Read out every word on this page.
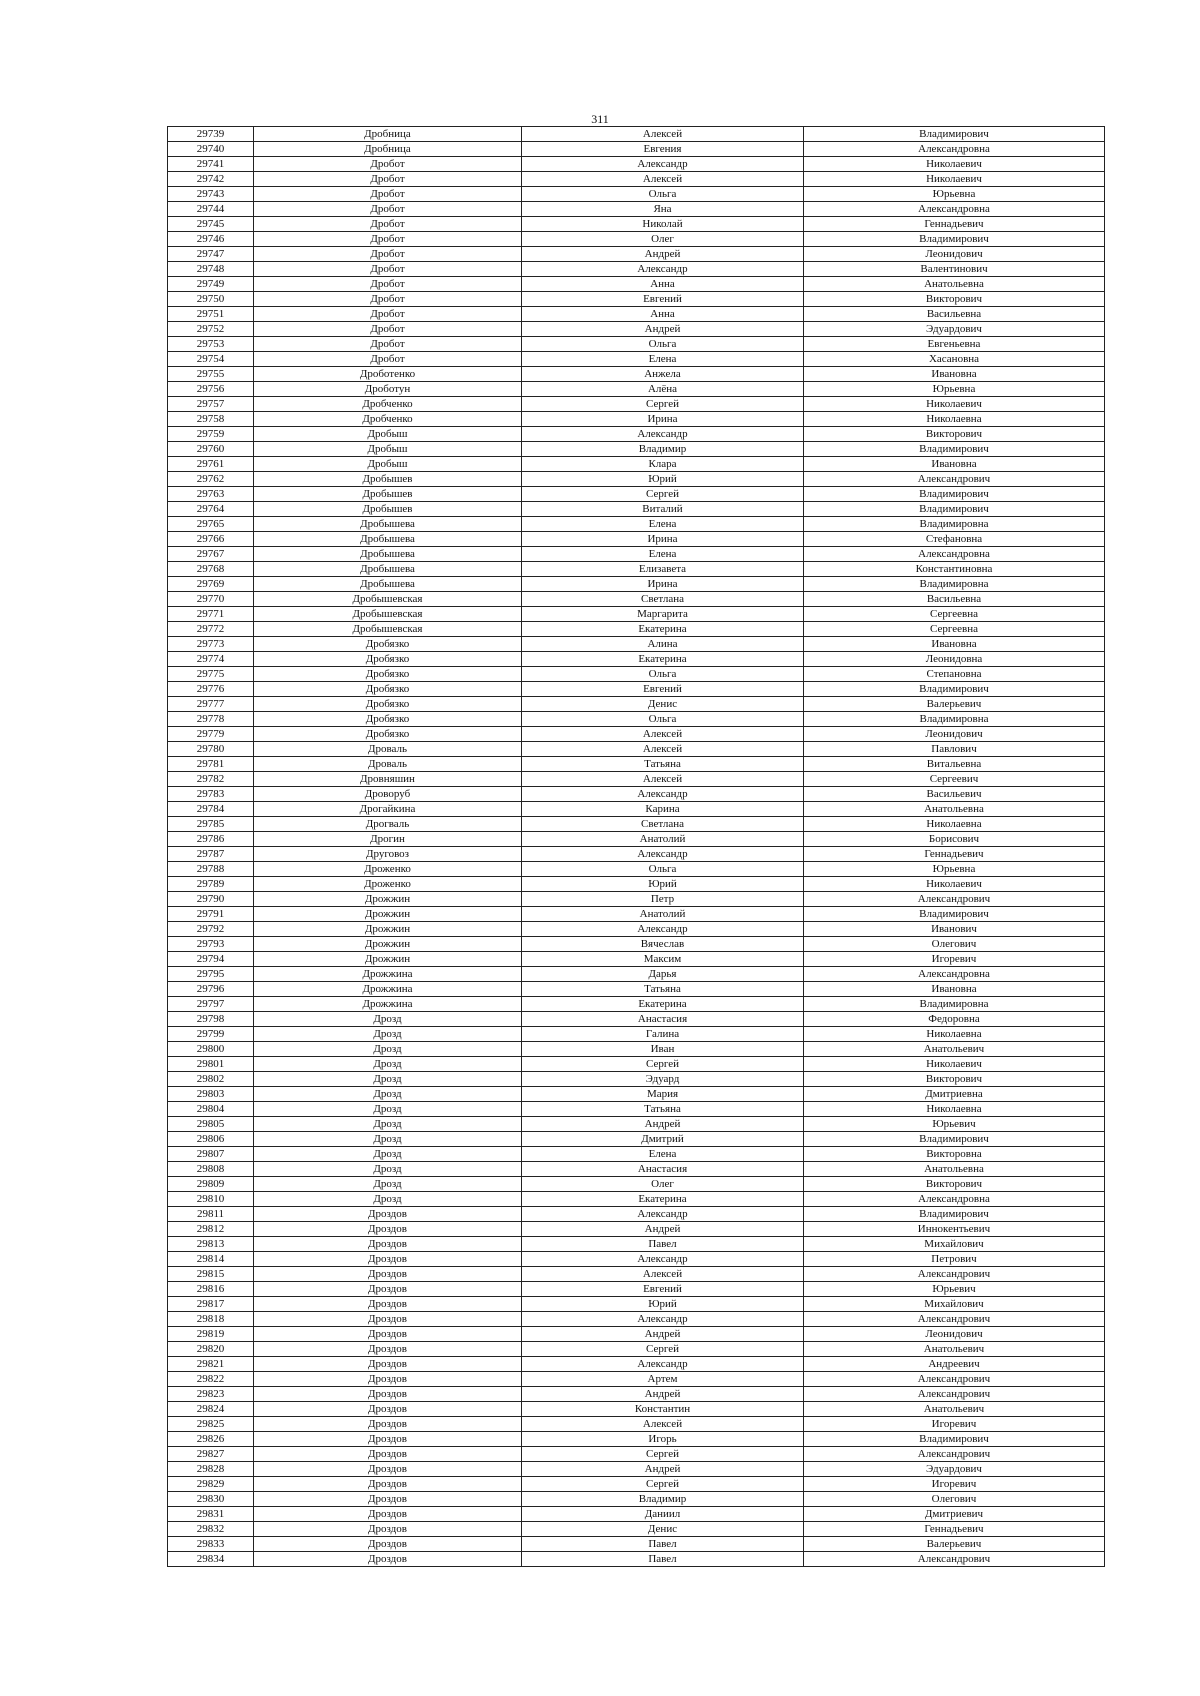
311
29739	Дробница	Алексей	Владимирович
29740	Дробница	Евгения	Александровна
29741	Дробот	Александр	Николаевич
29742	Дробот	Алексей	Николаевич
29743	Дробот	Ольга	Юрьевна
29744	Дробот	Яна	Александровна
29745	Дробот	Николай	Геннадьевич
29746	Дробот	Олег	Владимирович
29747	Дробот	Андрей	Леонидович
29748	Дробот	Александр	Валентинович
29749	Дробот	Анна	Анатольевна
29750	Дробот	Евгений	Викторович
29751	Дробот	Анна	Васильевна
29752	Дробот	Андрей	Эдуардович
29753	Дробот	Ольга	Евгеньевна
29754	Дробот	Елена	Хасановна
29755	Дроботенко	Анжела	Ивановна
29756	Дроботун	Алёна	Юрьевна
29757	Дробченко	Сергей	Николаевич
29758	Дробченко	Ирина	Николаевна
29759	Дробыш	Александр	Викторович
29760	Дробыш	Владимир	Владимирович
29761	Дробыш	Клара	Ивановна
29762	Дробышев	Юрий	Александрович
29763	Дробышев	Сергей	Владимирович
29764	Дробышев	Виталий	Владимирович
29765	Дробышева	Елена	Владимировна
29766	Дробышева	Ирина	Стефановна
29767	Дробышева	Елена	Александровна
29768	Дробышева	Елизавета	Константиновна
29769	Дробышева	Ирина	Владимировна
29770	Дробышевская	Светлана	Васильевна
29771	Дробышевская	Маргарита	Сергеевна
29772	Дробышевская	Екатерина	Сергеевна
29773	Дробязко	Алина	Ивановна
29774	Дробязко	Екатерина	Леонидовна
29775	Дробязко	Ольга	Степановна
29776	Дробязко	Евгений	Владимирович
29777	Дробязко	Денис	Валерьевич
29778	Дробязко	Ольга	Владимировна
29779	Дробязко	Алексей	Леонидович
29780	Дроваль	Алексей	Павлович
29781	Дроваль	Татьяна	Витальевна
29782	Дровняшин	Алексей	Сергеевич
29783	Дроворуб	Александр	Васильевич
29784	Дрогайкина	Карина	Анатольевна
29785	Дрогваль	Светлана	Николаевна
29786	Дрогин	Анатолий	Борисович
29787	Друговоз	Александр	Геннадьевич
29788	Дроженко	Ольга	Юрьевна
29789	Дроженко	Юрий	Николаевич
29790	Дрожжин	Петр	Александрович
29791	Дрожжин	Анатолий	Владимирович
29792	Дрожжин	Александр	Иванович
29793	Дрожжин	Вячеслав	Олегович
29794	Дрожжин	Максим	Игоревич
29795	Дрожжина	Дарья	Александровна
29796	Дрожжина	Татьяна	Ивановна
29797	Дрожжина	Екатерина	Владимировна
29798	Дрозд	Анастасия	Федоровна
29799	Дрозд	Галина	Николаевна
29800	Дрозд	Иван	Анатольевич
29801	Дрозд	Сергей	Николаевич
29802	Дрозд	Эдуард	Викторович
29803	Дрозд	Мария	Дмитриевна
29804	Дрозд	Татьяна	Николаевна
29805	Дрозд	Андрей	Юрьевич
29806	Дрозд	Дмитрий	Владимирович
29807	Дрозд	Елена	Викторовна
29808	Дрозд	Анастасия	Анатольевна
29809	Дрозд	Олег	Викторович
29810	Дрозд	Екатерина	Александровна
29811	Дроздов	Александр	Владимирович
29812	Дроздов	Андрей	Иннокентьевич
29813	Дроздов	Павел	Михайлович
29814	Дроздов	Александр	Петрович
29815	Дроздов	Алексей	Александрович
29816	Дроздов	Евгений	Юрьевич
29817	Дроздов	Юрий	Михайлович
29818	Дроздов	Александр	Александрович
29819	Дроздов	Андрей	Леонидович
29820	Дроздов	Сергей	Анатольевич
29821	Дроздов	Александр	Андреевич
29822	Дроздов	Артем	Александрович
29823	Дроздов	Андрей	Александрович
29824	Дроздов	Константин	Анатольевич
29825	Дроздов	Алексей	Игоревич
29826	Дроздов	Игорь	Владимирович
29827	Дроздов	Сергей	Александрович
29828	Дроздов	Андрей	Эдуардович
29829	Дроздов	Сергей	Игоревич
29830	Дроздов	Владимир	Олегович
29831	Дроздов	Даниил	Дмитриевич
29832	Дроздов	Денис	Геннадьевич
29833	Дроздов	Павел	Валерьевич
29834	Дроздов	Павел	Александрович
